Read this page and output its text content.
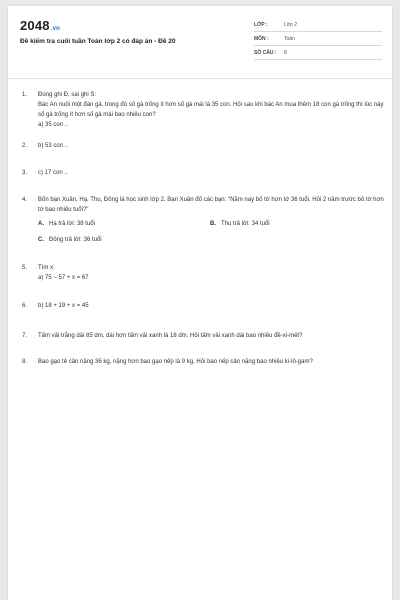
2048.vn
Đề kiểm tra cuối tuần Toán lớp 2 có đáp án - Đề 20
LỚP :	Lớp 2
MÔN :	Toán
SỐ CÂU :	8
1.	Đúng ghi Đ, sai ghi S:

Bác An nuôi một đàn gà, trong đó số gà trống ít hơn số gà mái là 35 con. Hỏi sau khi bác An mua thêm 18 con gà trống thì lúc này số gà trống ít hơn số gà mái bao nhiêu con?

a) 35 con ..

2.	b) 53 con ..

3.	c) 17 con ..

4.	Bốn bạn Xuân, Hạ, Thu, Đông là học sinh lớp 2. Bạn Xuân đố các bạn: "Năm nay bố tớ hơn tớ 36 tuổi. Hỏi 2 năm trước bố tớ hơn tớ bao nhiêu tuổi?"

A. Hạ trả lời: 38 tuổi	B. Thu trả lời: 34 tuổi
C. Đông trả lời: 36 tuổi
5.	Tìm x:

a) 75 − 57 + x = 67

6.	b) 18 + 19 + x = 45

7.	Tấm vải trắng dài 85 dm, dài hơn tấm vải xanh là 18 dm. Hỏi tấm vải xanh dài bao nhiêu đề-xi-mét?

8.	Bao gạo tẻ cân nặng 36 kg, nặng hơn bao gạo nếp là 9 kg. Hỏi bao nếp cân nặng bao nhiêu ki-lô-gam?
